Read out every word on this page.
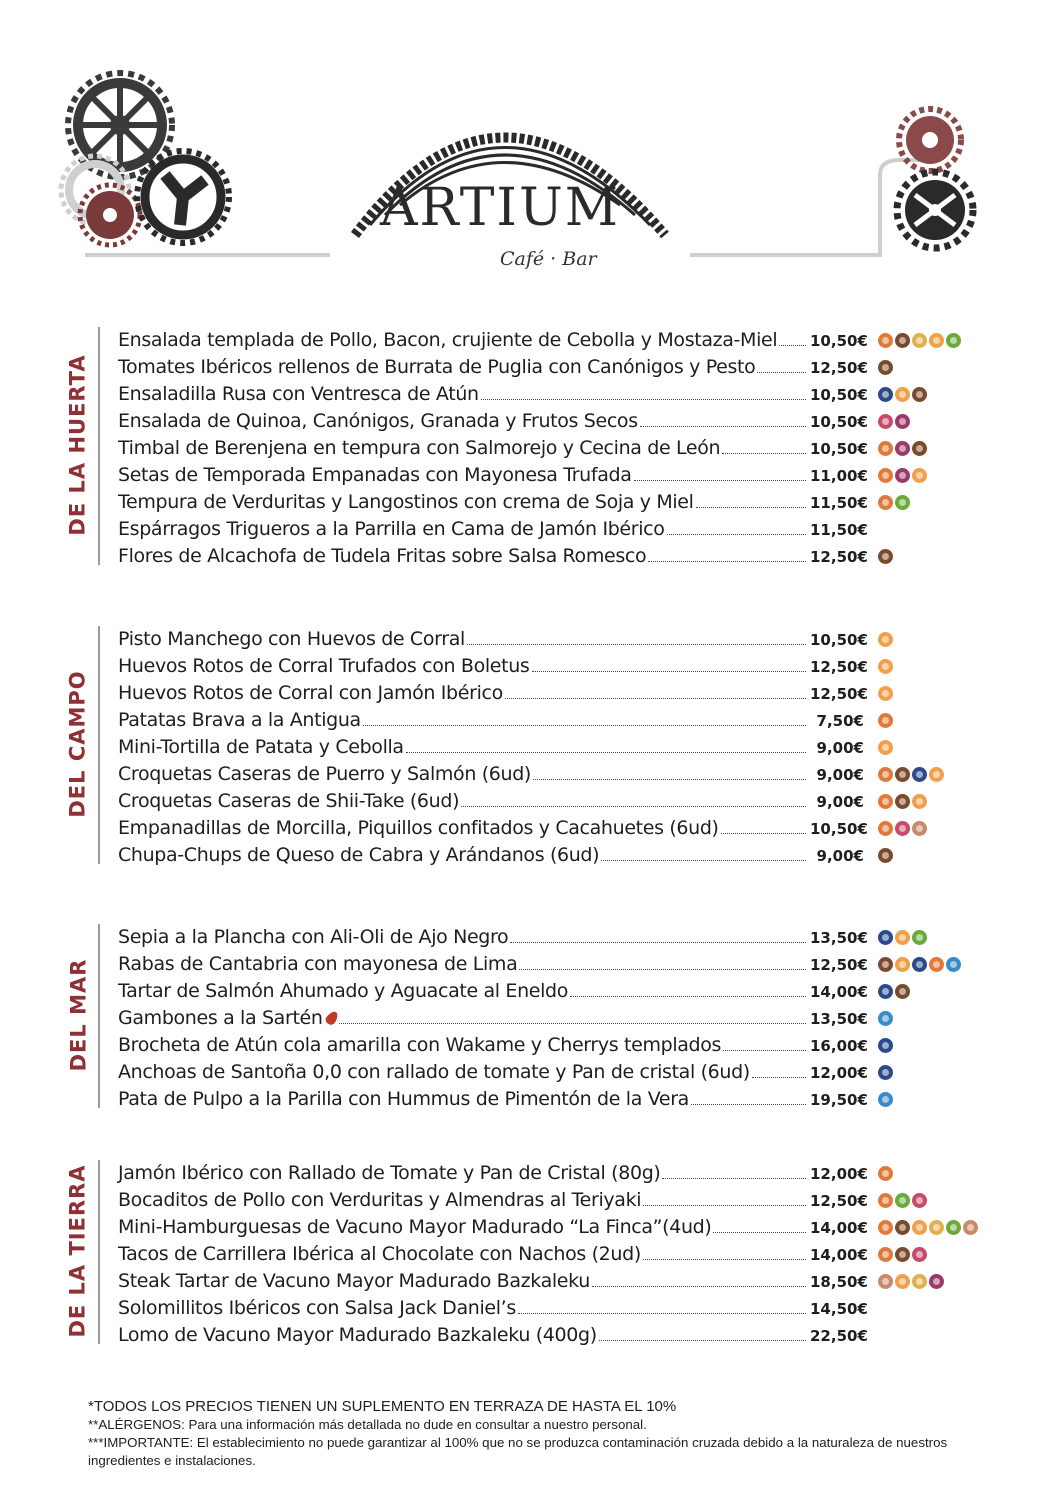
ARTIUM
Café · Bar
DE LA HUERTA
Ensalada templada de Pollo, Bacon, crujiente de Cebolla y Mostaza-Miel 10,50€
Tomates Ibéricos rellenos de Burrata de Puglia con Canónigos y Pesto	12,50€
Ensaladilla Rusa con Ventresca de Atún	10,50€
Ensalada de Quinoa, Canónigos, Granada y Frutos Secos	10,50€
Timbal de Berenjena en tempura con Salmorejo y Cecina de León	10,50€
Setas de Temporada Empanadas con Mayonesa Trufada	11,00€
Tempura de Verduritas y Langostinos con crema de Soja y Miel	11,50€
Espárragos Trigueros a la Parrilla en Cama de Jamón Ibérico	11,50€
Flores de Alcachofa de Tudela Fritas sobre Salsa Romesco	12,50€
DEL CAMPO
Pisto Manchego con Huevos de Corral	10,50€
Huevos Rotos de Corral Trufados con Boletus	12,50€
Huevos Rotos de Corral con Jamón Ibérico	12,50€
Patatas Brava a la Antigua	7,50€
Mini-Tortilla de Patata y Cebolla	9,00€
Croquetas Caseras de Puerro y Salmón (6ud)	9,00€
Croquetas Caseras de Shii-Take (6ud)	9,00€
Empanadillas de Morcilla, Piquillos confitados y Cacahuetes (6ud)	10,50€
Chupa-Chups de Queso de Cabra y Arándanos (6ud)	9,00€
DEL MAR
Sepia a la Plancha con Ali-Oli de Ajo Negro	13,50€
Rabas de Cantabria con mayonesa de Lima	12,50€
Tartar de Salmón Ahumado y Aguacate al Eneldo	14,00€
Gambones a la Sartén	13,50€
Brocheta de Atún cola amarilla con Wakame y Cherrys templados	16,00€
Anchoas de Santoña 0,0 con rallado de tomate y Pan de cristal (6ud)	12,00€
Pata de Pulpo a la Parilla con Hummus de Pimentón de la Vera	19,50€
DE LA TIERRA Jamón Ibérico con Rallado de Tomate y Pan de Cristal (80g)	12,00€
Bocaditos de Pollo con Verduritas y Almendras al Teriyaki	12,50€
Mini-Hamburguesas de Vacuno Mayor Madurado “La Finca”(4ud)	14,00€
Tacos de Carrillera Ibérica al Chocolate con Nachos (2ud)	14,00€
Steak Tartar de Vacuno Mayor Madurado Bazkaleku	18,50€
Solomillitos Ibéricos con Salsa Jack Daniel’s	14,50€
Lomo de Vacuno Mayor Madurado Bazkaleku (400g)	22,50€

*TODOS LOS PRECIOS TIENEN UN SUPLEMENTO EN TERRAZA DE HASTA EL 10%

**ALÉRGENOS: Para una información más detallada no dude en consultar a nuestro personal.

***IMPORTANTE: El establecimiento no puede garantizar al 100% que no se produzca contaminación cruzada debido a la naturaleza de nuestros ingredientes e instalaciones.
